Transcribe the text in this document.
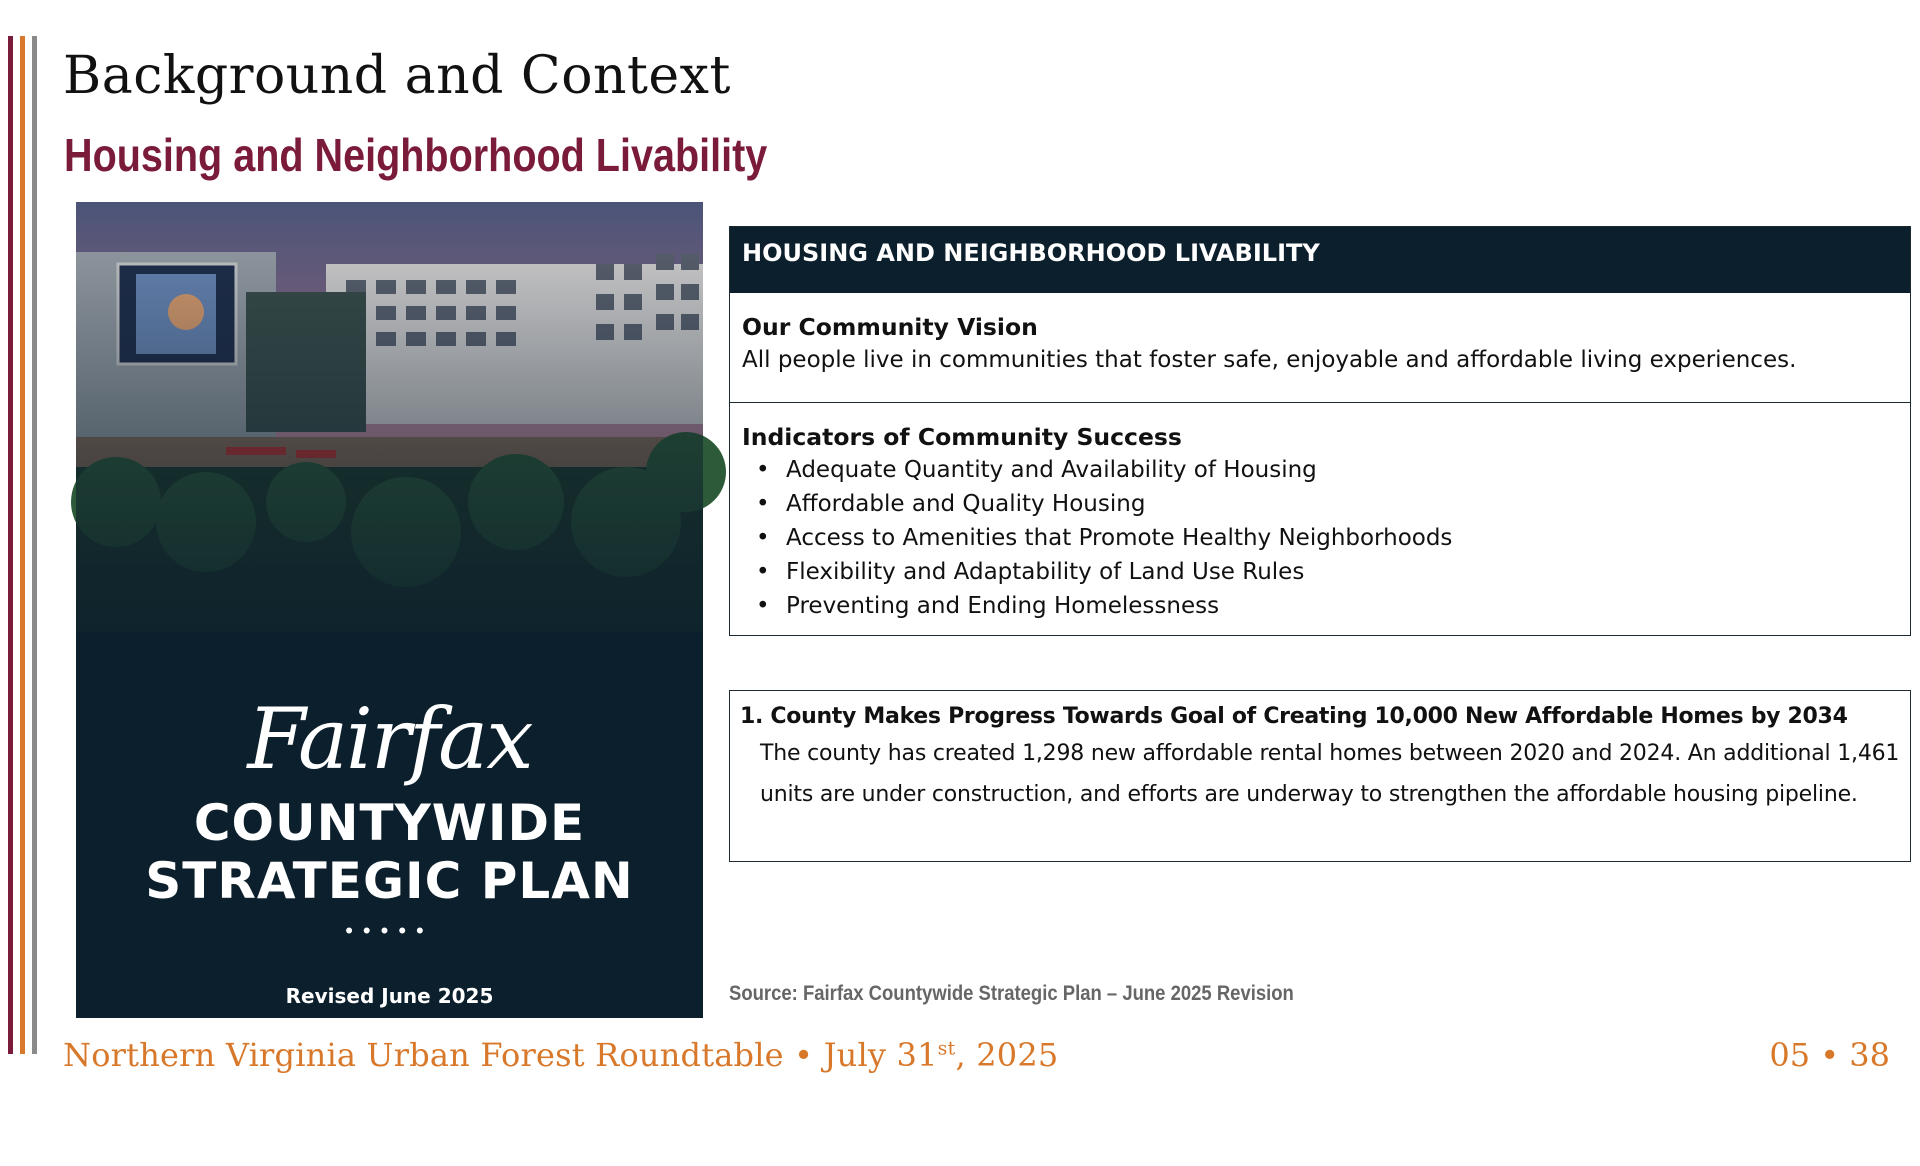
Background and Context
Housing and Neighborhood Livability
Fairfax
COUNTYWIDE
STRATEGIC PLAN
•••••
Revised June 2025
Protecting and enriching our quality of life for people, neighborhoods, and diverse communities.
www.fairfaxcounty.gov/strategicplan
HOUSING AND NEIGHBORHOOD LIVABILITY
Our Community Vision
All people live in communities that foster safe, enjoyable and affordable living experiences.
Indicators of Community Success
• Adequate Quantity and Availability of Housing
• Affordable and Quality Housing
• Access to Amenities that Promote Healthy Neighborhoods
• Flexibility and Adaptability of Land Use Rules
• Preventing and Ending Homelessness
1. County Makes Progress Towards Goal of Creating 10,000 New Affordable Homes by 2034
The county has created 1,298 new affordable rental homes between 2020 and 2024. An additional 1,461 units are under construction, and efforts are underway to strengthen the affordable housing pipeline.
Source: Fairfax Countywide Strategic Plan – June 2025 Revision
Northern Virginia Urban Forest Roundtable • July 31st, 2025	05 • 38
